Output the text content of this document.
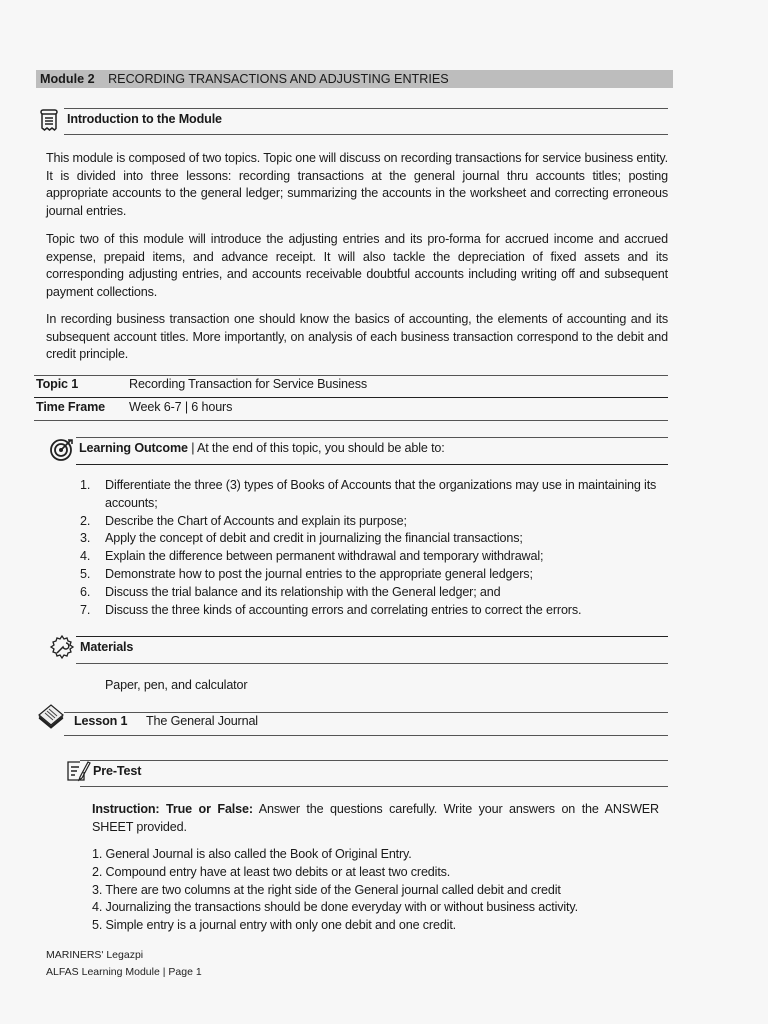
Module 2 RECORDING TRANSACTIONS AND ADJUSTING ENTRIES
Introduction to the Module

This module is composed of two topics. Topic one will discuss on recording transactions for service business entity. It is divided into three lessons: recording transactions at the general journal thru accounts titles; posting appropriate accounts to the general ledger; summarizing the accounts in the worksheet and correcting erroneous journal entries.

Topic two of this module will introduce the adjusting entries and its pro-forma for accrued income and accrued expense, prepaid items, and advance receipt. It will also tackle the depreciation of fixed assets and its corresponding adjusting entries, and accounts receivable doubtful accounts including writing off and subsequent payment collections.

In recording business transaction one should know the basics of accounting, the elements of accounting and its subsequent account titles. More importantly, on analysis of each business transaction correspond to the debit and credit principle.

Topic 1	Recording Transaction for Service Business
Time Frame Week 6-7 | 6 hours
Learning Outcome | At the end of this topic, you should be able to:
1. Differentiate the three (3) types of Books of Accounts that the organizations may use in maintaining its accounts;
2. Describe the Chart of Accounts and explain its purpose;
3. Apply the concept of debit and credit in journalizing the financial transactions;
4. Explain the difference between permanent withdrawal and temporary withdrawal;
5. Demonstrate how to post the journal entries to the appropriate general ledgers;
6. Discuss the trial balance and its relationship with the General ledger; and
7. Discuss the three kinds of accounting errors and correlating entries to correct the errors.
Materials
Paper, pen, and calculator
Lesson 1 The General Journal
Pre-Test

Instruction: True or False: Answer the questions carefully. Write your answers on the ANSWER SHEET provided.

1. General Journal is also called the Book of Original Entry.
2. Compound entry have at least two debits or at least two credits.
3. There are two columns at the right side of the General journal called debit and credit
4. Journalizing the transactions should be done everyday with or without business activity.
5. Simple entry is a journal entry with only one debit and one credit.
MARINERS' Legazpi
ALFAS Learning Module | Page 1
